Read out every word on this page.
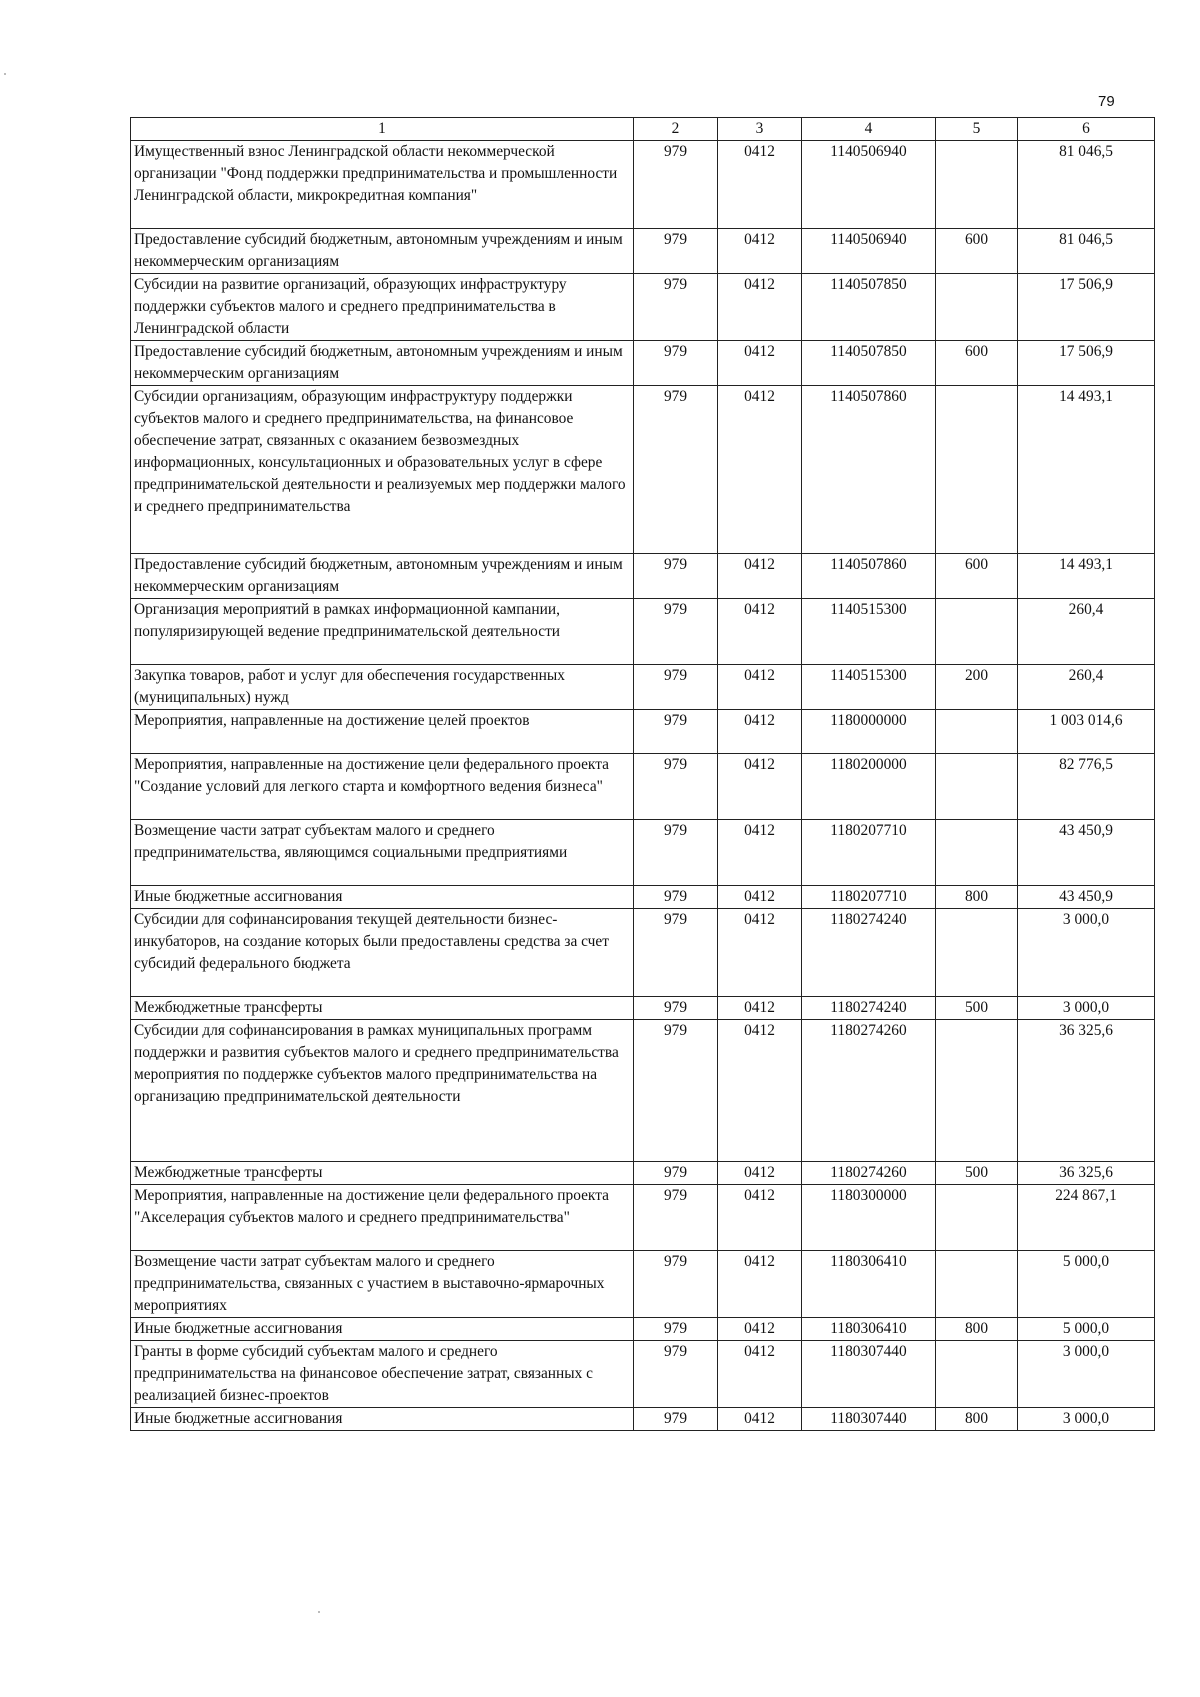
79
1	2	3	4	5	6
Имущественный взнос Ленинградской области некоммерческой организации "Фонд поддержки предпринимательства и промышленности Ленинградской области, микрокредитная компания"	979	0412	1140506940		81 046,5
Предоставление субсидий бюджетным, автономным учреждениям и иным некоммерческим организациям	979	0412	1140506940	600	81 046,5
Субсидии на развитие организаций, образующих инфраструктуру поддержки субъектов малого и среднего предпринимательства в Ленинградской области	979	0412	1140507850		17 506,9
Предоставление субсидий бюджетным, автономным учреждениям и иным некоммерческим организациям	979	0412	1140507850	600	17 506,9
Субсидии организациям, образующим инфраструктуру поддержки субъектов малого и среднего предпринимательства, на финансовое обеспечение затрат, связанных с оказанием безвозмездных информационных, консультационных и образовательных услуг в сфере предпринимательской деятельности и реализуемых мер поддержки малого и среднего предпринимательства	979	0412	1140507860		14 493,1
Предоставление субсидий бюджетным, автономным учреждениям и иным некоммерческим организациям	979	0412	1140507860	600	14 493,1
Организация мероприятий в рамках информационной кампании, популяризирующей ведение предпринимательской деятельности	979	0412	1140515300		260,4
Закупка товаров, работ и услуг для обеспечения государственных (муниципальных) нужд	979	0412	1140515300	200	260,4
Мероприятия, направленные на достижение целей проектов	979	0412	1180000000		1 003 014,6
Мероприятия, направленные на достижение цели федерального проекта "Создание условий для легкого старта и комфортного ведения бизнеса"	979	0412	1180200000		82 776,5
Возмещение части затрат субъектам малого и среднего предпринимательства, являющимся социальными предприятиями	979	0412	1180207710		43 450,9
Иные бюджетные ассигнования	979	0412	1180207710	800	43 450,9
Субсидии для софинансирования текущей деятельности бизнес-инкубаторов, на создание которых были предоставлены средства за счет субсидий федерального бюджета	979	0412	1180274240		3 000,0
Межбюджетные трансферты	979	0412	1180274240	500	3 000,0
Субсидии для софинансирования в рамках муниципальных программ поддержки и развития субъектов малого и среднего предпринимательства мероприятия по поддержке субъектов малого предпринимательства на организацию предпринимательской деятельности	979	0412	1180274260		36 325,6
Межбюджетные трансферты	979	0412	1180274260	500	36 325,6
Мероприятия, направленные на достижение цели федерального проекта "Акселерация субъектов малого и среднего предпринимательства"	979	0412	1180300000		224 867,1
Возмещение части затрат субъектам малого и среднего предпринимательства, связанных с участием в выставочно-ярмарочных мероприятиях	979	0412	1180306410		5 000,0
Иные бюджетные ассигнования	979	0412	1180306410	800	5 000,0
Гранты в форме субсидий субъектам малого и среднего предпринимательства на финансовое обеспечение затрат, связанных с реализацией бизнес-проектов	979	0412	1180307440		3 000,0
Иные бюджетные ассигнования	979	0412	1180307440	800	3 000,0
